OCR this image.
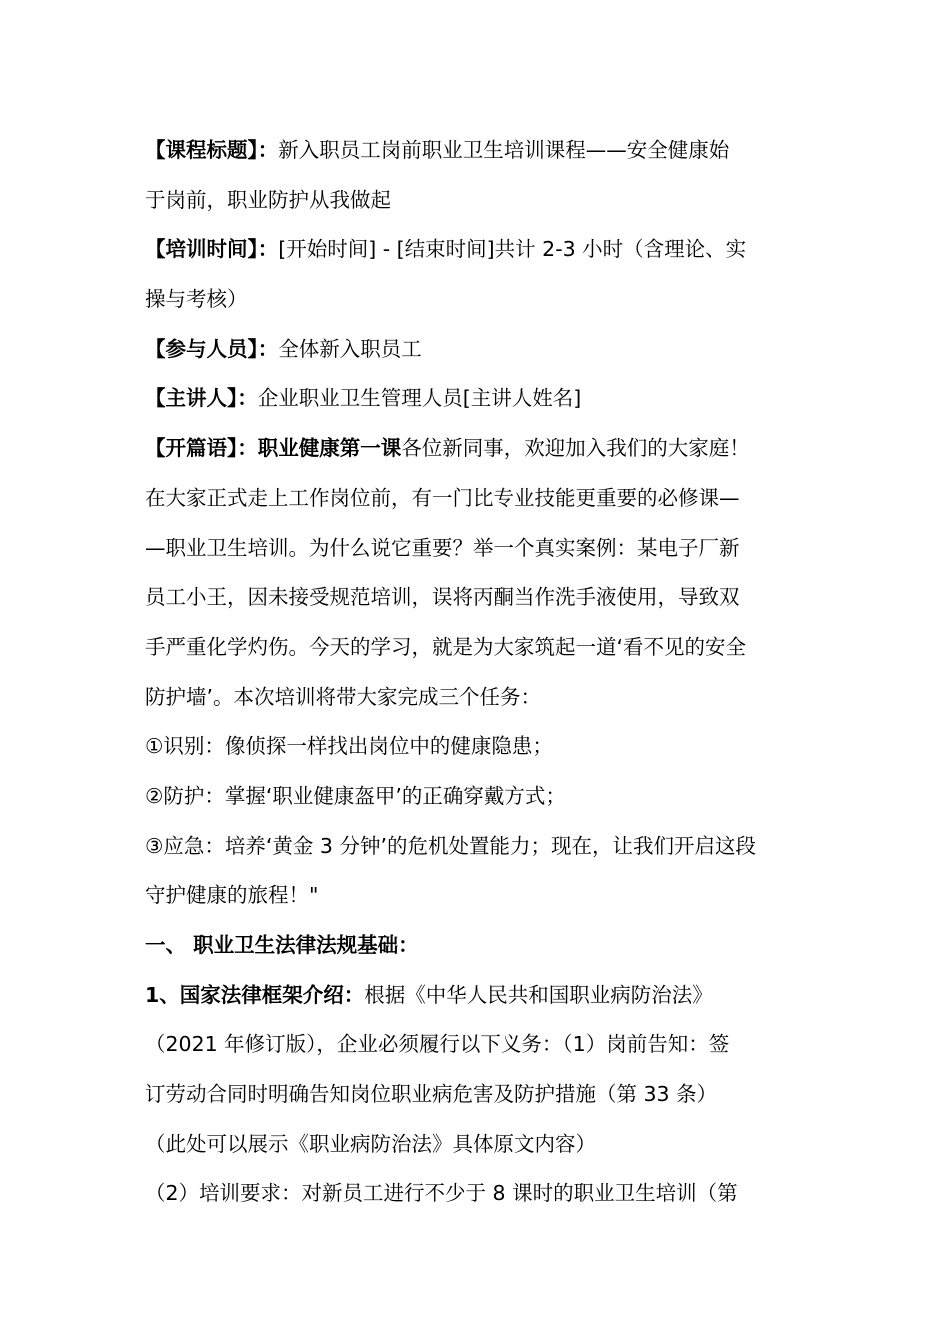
【课程标题】：新入职员工岗前职业卫生培训课程——安全健康始
于岗前，职业防护从我做起
【培训时间】：[开始时间] - [结束时间]共计 2-3 小时（含理论、实
操与考核）
【参与人员】：全体新入职员工
【主讲人】：企业职业卫生管理人员[主讲人姓名]
【开篇语】：职业健康第一课各位新同事，欢迎加入我们的大家庭！
在大家正式走上工作岗位前，有一门比专业技能更重要的必修课—
—职业卫生培训。为什么说它重要？举一个真实案例：某电子厂新
员工小王，因未接受规范培训，误将丙酮当作洗手液使用，导致双
手严重化学灼伤。今天的学习，就是为大家筑起一道‘看不见的安全
防护墙’。本次培训将带大家完成三个任务：
①识别：像侦探一样找出岗位中的健康隐患；
②防护：掌握‘职业健康盔甲’的正确穿戴方式；
③应急：培养‘黄金 3 分钟’的危机处置能力；现在，让我们开启这段
守护健康的旅程！"
一、 职业卫生法律法规基础：
1、国家法律框架介绍：根据《中华人民共和国职业病防治法》
（2021 年修订版），企业必须履行以下义务：（1）岗前告知：签
订劳动合同时明确告知岗位职业病危害及防护措施（第 33 条）
（此处可以展示《职业病防治法》具体原文内容）
（2）培训要求：对新员工进行不少于 8 课时的职业卫生培训（第
